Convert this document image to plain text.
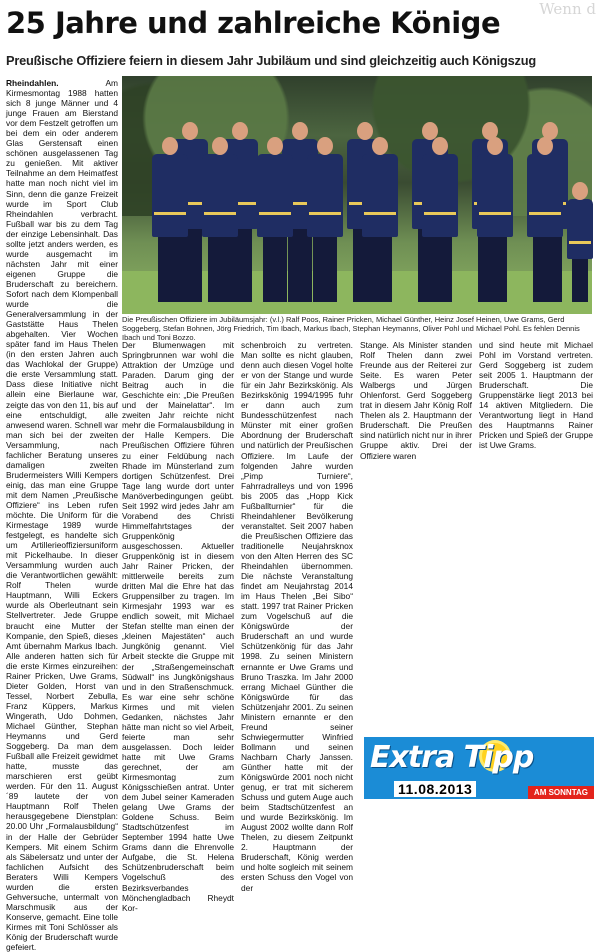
Wenn d
25 Jahre und zahlreiche Könige
Preußische Offiziere feiern in diesem Jahr Jubiläum und sind gleichzeitig auch Königszug
Rheindahlen.	Am Kirmesmontag 1988 hatten sich 8 junge Männer und 4 junge Frauen am Bierstand vor dem Festzelt getroffen um bei dem ein oder anderem Glas Gerstensaft einen schönen ausgelassenen Tag zu genießen. Mit aktiver Teilnahme an dem Heimatfest hatte man noch nicht viel im Sinn, denn die ganze Freizeit wurde im Sport Club Rheindahlen verbracht. Fußball war bis zu dem Tag der einzige Lebensinhalt. Das sollte jetzt anders werden, es wurde ausgemacht im nächsten Jahr mit einer eigenen Gruppe die Bruderschaft zu bereichern. Sofort nach dem Klompenball wurde die Generalversammlung in der Gaststätte Haus Thelen abgehalten. Vier Wochen später fand im Haus Thelen (in den ersten Jahren auch das Wachlokal der Gruppe) die erste Versammlung statt. Dass diese Initiative nicht allein eine Bierlaune war, zeigte das von den 11, bis auf eine entschuldigt, alle anwesend waren. Schnell war man sich bei der zweiten Versammlung, nach fachlicher Beratung unseres damaligen zweiten Brudermeisters Willi Kempers einig, das man eine Gruppe mit dem Namen „Preußische Offiziere“ ins Leben rufen möchte. Die Uniform für die Kirmestage 1989 wurde festgelegt, es handelte sich um Artillerieoffiziersuniform mit Pickelhaube. In dieser Versammlung wurden auch die Verantwortlichen gewählt: Rolf Thelen wurde Hauptmann, Willi Eckers wurde als Oberleutnant sein Stellvertreter. Jede Gruppe braucht eine Mutter der Kompanie, den Spieß, dieses Amt übernahm Markus Ibach. Alle anderen hatten sich für die erste Kirmes einzureihen: Rainer Pricken, Uwe Grams, Dieter Golden, Horst van Tessel, Norbert Zebulla, Franz Küppers, Markus Wingerath, Udo Dohmen, Michael Günther, Stephan Heymanns und Gerd Soggeberg. Da man dem Fußball alle Freizeit gewidmet hatte, musste das marschieren erst geübt werden. Für den 11. August ´89 lautete der von Hauptmann Rolf Thelen herausgegebene Dienstplan: 20.00 Uhr „Formalausbildung“ in der Halle der Gebrüder Kempers. Mit einem Schirm als Säbelersatz und unter der fachlichen Aufsicht des Beraters Willi Kempers wurden die ersten Gehversuche, untermalt von Marschmusik aus der Konserve, gemacht. Eine tolle Kirmes mit Toni Schlösser als König der Bruderschaft wurde gefeiert.
Die Preußischen Offiziere im Jubiläumsjahr: (v.l.) Ralf Poos, Rainer Pricken, Michael Günther, Heinz Josef Heinen, Uwe Grams, Gerd Soggeberg, Stefan Bohnen, Jörg Friedrich, Tim Ibach, Markus Ibach, Stephan Heymanns, Oliver Pohl und Michael Pohl. Es fehlen Dennis Ibach und Toni Bozzo.

Der Blumenwagen mit Springbrunnen war wohl die Attraktion der Umzüge und Paraden. Darum ging der Beitrag auch in die Geschichte ein: „Die Preußen und der Mainelattar“. Im zweiten Jahr reichte nicht mehr die Formalausbildung in der Halle Kempers. Die Preußischen Offiziere führen zu einer Feldübung nach Rhade im Münsterland zum dortigen Schützenfest. Drei Tage lang wurde dort unter Manöverbedingungen geübt. Seit 1992 wird jedes Jahr am Vorabend des Christi Himmelfahrtstages der Gruppenkönig ausgeschossen. Aktueller Gruppenkönig ist in diesem Jahr Rainer Pricken, der mittlerweile bereits zum dritten Mal die Ehre hat das Gruppensilber zu tragen. Im Kirmesjahr 1993 war es endlich soweit, mit Michael Stefan stellte man einen der „kleinen Majestäten“ auch Jungkönig genannt. Viel Arbeit steckte die Gruppe mit der „Straßengemeinschaft Südwall“ ins Jungkönigshaus und in den Straßenschmuck. Es war eine sehr schöne Kirmes und mit vielen Gedanken, nächstes Jahr hätte man nicht so viel Arbeit, feierte man sehr ausgelassen. Doch leider hatte mit Uwe Grams gerechnet, der am Kirmesmontag zum Königsschießen antrat. Unter dem Jubel seiner Kameraden gelang Uwe Grams der Goldene Schuss. Beim Stadtschützenfest im September 1994 hatte Uwe Grams dann die Ehrenvolle Aufgabe, die St. Helena Schützenbruderschaft beim Vogelschuß des Bezirksverbandes Mönchengladbach Rheydt Kor-

schenbroich zu vertreten. Man sollte es nicht glauben, denn auch diesen Vogel holte er von der Stange und wurde für ein Jahr Bezirkskönig. Als Bezirkskönig 1994/1995 fuhr er dann auch zum Bundesschützenfest nach Münster mit einer großen Abordnung der Bruderschaft und natürlich der Preußischen Offiziere. Im Laufe der folgenden Jahre wurden „Pimp Turniere“, Fahrradralleys und von 1996 bis 2005 das „Hopp Kick Fußballturnier“ für die Rheindahlener Bevölkerung veranstaltet. Seit 2007 haben die Preußischen Offiziere das traditionelle Neujahrsknox von den Alten Herren des SC Rheindahlen übernommen. Die nächste Veranstaltung findet am Neujahrstag 2014 im Haus Thelen „Bei Sibo“ statt. 1997 trat Rainer Pricken zum Vogelschuß auf die Königswürde der Bruderschaft an und wurde Schützenkönig für das Jahr 1998. Zu seinen Ministern ernannte er Uwe Grams und Bruno Traszka. Im Jahr 2000 errang Michael Günther die Königswürde für das Schützenjahr 2001. Zu seinen Ministern ernannte er den Freund seiner Schwiegermutter Winfried Bollmann und seinen Nachbarn Charly Janssen. Günther hatte mit der Königswürde 2001 noch nicht genug, er trat mit sicherem Schuss und gutem Auge auch beim Stadtschützenfest an und wurde Bezirkskönig. Im August 2002 wollte dann Rolf Thelen, zu diesem Zeitpunkt 2. Hauptmann der Bruderschaft, König werden und holte sogleich mit seinem ersten Schuss den Vogel von der

Stange. Als Minister standen Rolf Thelen dann zwei Freunde aus der Reiterei zur Seite. Es waren Peter Walbergs und Jürgen Ohlenforst. Gerd Soggeberg trat in diesem Jahr König Rolf Thelen als 2. Hauptmann der Bruderschaft. Die Preußen sind natürlich nicht nur in ihrer Gruppe aktiv. Drei der Offiziere waren

und sind heute mit Michael Pohl im Vorstand vertreten. Gerd Soggeberg ist zudem seit 2005 1. Hauptmann der Bruderschaft. Die Gruppenstärke liegt 2013 bei 14 aktiven Mitgliedern. Die Verantwortung liegt in Hand des Hauptmanns Rainer Pricken und Spieß der Gruppe ist Uwe Grams.

Extra Tipp
AM SONNTAG
11.08.2013
